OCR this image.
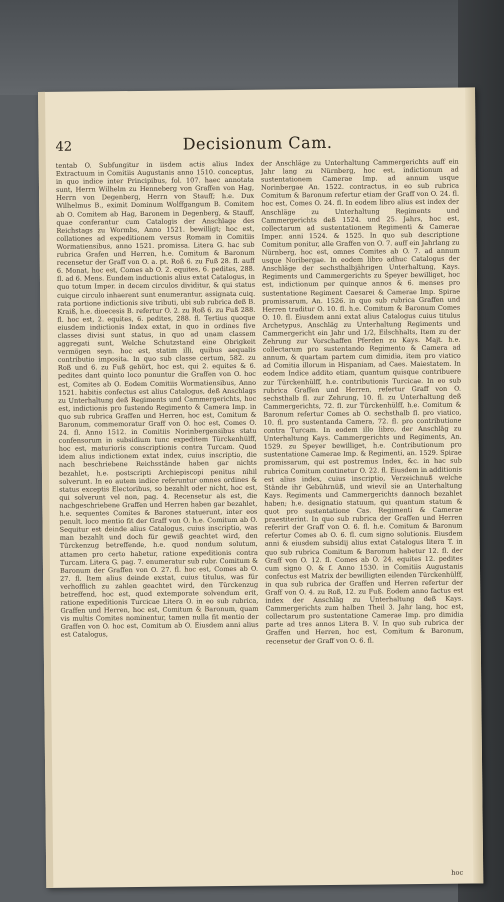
42	Decisionum Cam.

tentab O. Subfungitur in iisdem actis alius Index Extractuum in Comitiis Augustanis anno 1510. conceptus, in quo indice inter Principibus, fol. 107. haec annotata sunt, Herrn Wilhelm zu Henneberg von Graffen von Hag, Herrn von Degenberg, Herrn von Stauff; h.e. Dux Wilhelmus B., eximit Dominum Wolffgangum B. Comitem ab O. Comitem ab Hag, Baronem in Degenberg, & Stauff, quae conferantur cum Catalogis der Anschlage des Reichstags zu Wormbs, Anno 1521. bewilligt; hoc est, collationes ad expeditionem versus Romam in Comitiis Wormatiensibus, anno 1521. promissa. Litera G. hac sub rubrica Grafen und Herren, h.e. Comitum & Baronum recensetur der Graff von O. a. pt. Roß 6. zu Fuß 28. fl. auff 6. Monat, hoc est, Comes ab O. 2. equites, 6. pedites, 288. fl. ad 6. Mens. Eundem inductionis alius extat Catalogus, in quo totum Imper. in decem circulos dividitur, & qui status cuique circulo inhaerent sunt enumerantur, assignata cuiq. rata portione indictionis sive tributi, ubi sub rubrica deß B. Kraiß, h.e. dioecesis B. refertur O. 2. zu Roß 6. zu Fuß 288. fl. hoc est, 2. equites, 6. pedites, 288. fl. Tertius quoque eiusdem indictionis Index extat, in quo in ordines five classes divisi sunt status, in quo ad unam classem aggregati sunt, Welche Schutzstand eine Obrigkeit vermögen seyn. hoc est, statim illi, quibus aequalis contributio imposita. In quo sub classe certum, 582. zu Roß und 6. zu Fuß gehört, hoc est, qui 2. equites & 6. pedites dant quinto loco ponuntur die Graffen von O. hoc est, Comites ab O. Eodem Comitiis Wormatiensibus, Anno 1521. habitis confectus est alius Catalogus, deß Anschlags zu Unterhaltung deß Regiments und Cammergerichts, hoc est, indictionis pro fustendo Regimento & Camera Imp. in quo sub rubrica Graffen und Herren, hoc est, Comitum & Baronum, commemoratur Graff von O. hoc est, Comes O. 24. fl. Anno 1512. in Comitiis Norinbergensibus statu confensorum in subsidium tunc expeditem Türckenhülff, hoc est, maturioris conscriptionis contra Turcam. Quod idem alius indictionem extat index, cuius inscriptio, die nach beschriebene Reichsstände haben gar nichts bezahlet, h.e. postscripti Archiepiscopi penitus nihil solverunt. In eo autem indice referuntur omnes ordines & status exceptis Electoribus, so bezahlt oder nicht, hoc est, qui solverunt vel non, pag. 4. Recensetur als est, die nachgeschriebene Graffen und Herren haben gar bezahlet, h.e. sequentes Comites & Barones statuerunt, inter eos penult. loco mentio fit der Graff von O. h.e. Comitum ab O. Sequitur est deinde alius Catalogus, cuius inscriptio, was man bezahlt und doch für gewiß geachtet wird, den Türckenzug betreffende, h.e. quod nondum solutum, attamen pro certo habetur, ratione expeditionis contra Turcam. Litera G. pag. 7. enumeratur sub rubr. Comitum & Baronum der Graffen von O. 27. fl. hoc est, Comes ab O. 27. fl. Item alius deinde exstat, cuius titulus, was für verhofflich zu zahlen geachtet wird, den Türckenzug betreffend, hoc est, quod extemporate solvendum erit, ratione expeditionis Turcicae Litera O. in eo sub rubrica, Graffen und Herren, hoc est, Comitum & Baronum, quam vis multis Comites nominentur, tamen nulla fit mentio der Graffen von O. hoc est, Comitum ab O. Eiusdem anni alius est Catalogus,

der Anschläge zu Unterhaltung Cammergerichts auff ein Jahr lang zu Nürnberg, hoc est, indictionum ad sustentationem Camerae Imp. ad annum usque Norinbergae An. 1522. contractus, in eo sub rubrica Comitum & Baronum refertur etiam der Graff von O. 24. fl. hoc est, Comes O. 24. fl. In eodem libro alius est index der Anschläge zu Unterhaltung Regiments und Cammergerichts deß 1524. und 25. Jahrs, hoc est, collectarum ad sustentationem Regimenti & Camerae Imper. anni 1524. & 1525. In quo sub descriptione Comitum ponitur, alle Graffen von O. 7. auff ein Jahrlang zu Nürnberg, hoc est, omnes Comites ab O. 7. ad annum usque Noribergae. In eodem libro adhuc Catalogus der Anschläge der sechsthalbjährigen Unterhaltung, Kays. Regiments und Cammergerichts zu Speyer bewilliget, hoc est, indictionum per quinque annos & 6. menses pro sustentatione Regiment Caesarei & Camerae Imp. Spirae promissarum, An. 1526. in quo sub rubrica Graffen und Herren traditur O. 10. fl. h.e. Comitum & Baronum Comes O. 10. fl. Eiusdem anni extat alius Catalogus cuius titulus Archetypus, Anschläg zu Unterhaltung Regiments und Cammergericht ein Jahr und 1/2, Eilschhalts, Item zu der Zehrung zur Vorschaffen Pferden zu Kays. Majt. h.e. collectarum pro sustentando Regimento & Camera ad annum, & quartam partem cum dimidia, item pro viatico ad Comitia illorum in Hispaniam, ad Caes. Maiestatem. In eodem Indice addito etiam, quantum quisque contribuere zur Türckenhülff, h.e. contributionis Turcicae. In eo sub rubrica Graffen und Herren, refertur Graff von O. sechsthalb fl. zur Zehrung, 10. fl. zu Unterhaltung deß Cammergerichts, 72. fl. zur Türckenhülff, h.e. Comitum & Baronum refertur Comes ab O. sechsthalb fl. pro viatico, 10. fl. pro sustentanda Camera, 72. fl. pro contributione contra Turcam. In eodem illo libro, der Anschläg zu Unterhaltung Kays. Cammergerichts und Regiments, An. 1529. zu Speyer bewilliget, h.e. Contributionum pro sustentatione Camerae Imp. & Regimenti, an. 1529. Spirae promissarum, qui est postremus Index, &c. in hac sub rubrica Comitum continetur O. 22. fl. Eiusdem in additionis est alius index, cuius inscriptio, Verzeichnuß welche Stände ihr Gebührnüß, und wievil sie an Unterhaltung Kays. Regiments und Cammergerichts dannoch bezahlet haben; h.e. designatio statuum, qui quantum statum & quot pro sustentatione Cas. Regimenti & Camerae praestiterint. In quo sub rubrica der Graffen und Herren referirt der Graff von O. 6. fl. h.e. Comitum & Baronum refertur Comes ab O. 6. fl. cum signo solutionis. Eiusdem anni & eiusdem subsidij alius extat Catalogus litera T. in quo sub rubrica Comitum & Baronum habetur 12. fl. der Graff von O. 12. fl. Comes ab O. 24. equites 12. pedites cum signo O. & f. Anno 1530. in Comitiis Augustanis confectus est Matrix der bewilligten eilenden Türckenhülff, in qua sub rubrica der Graffen und Herren refertur der Graff von O. 4. zu Roß, 12. zu Fuß. Eodem anno factus est index der Anschläg zu Unterhaltung deß Kays. Cammergerichts zum halben Theil 3. Jahr lang, hoc est, collectarum pro sustentatione Camerae Imp. pro dimidia parte ad tres annos Litera B. V. In quo sub rubrica der Graffen und Herren, hoc est, Comitum & Baronum, recensetur der Graff von O. 6. fl.

hoc
